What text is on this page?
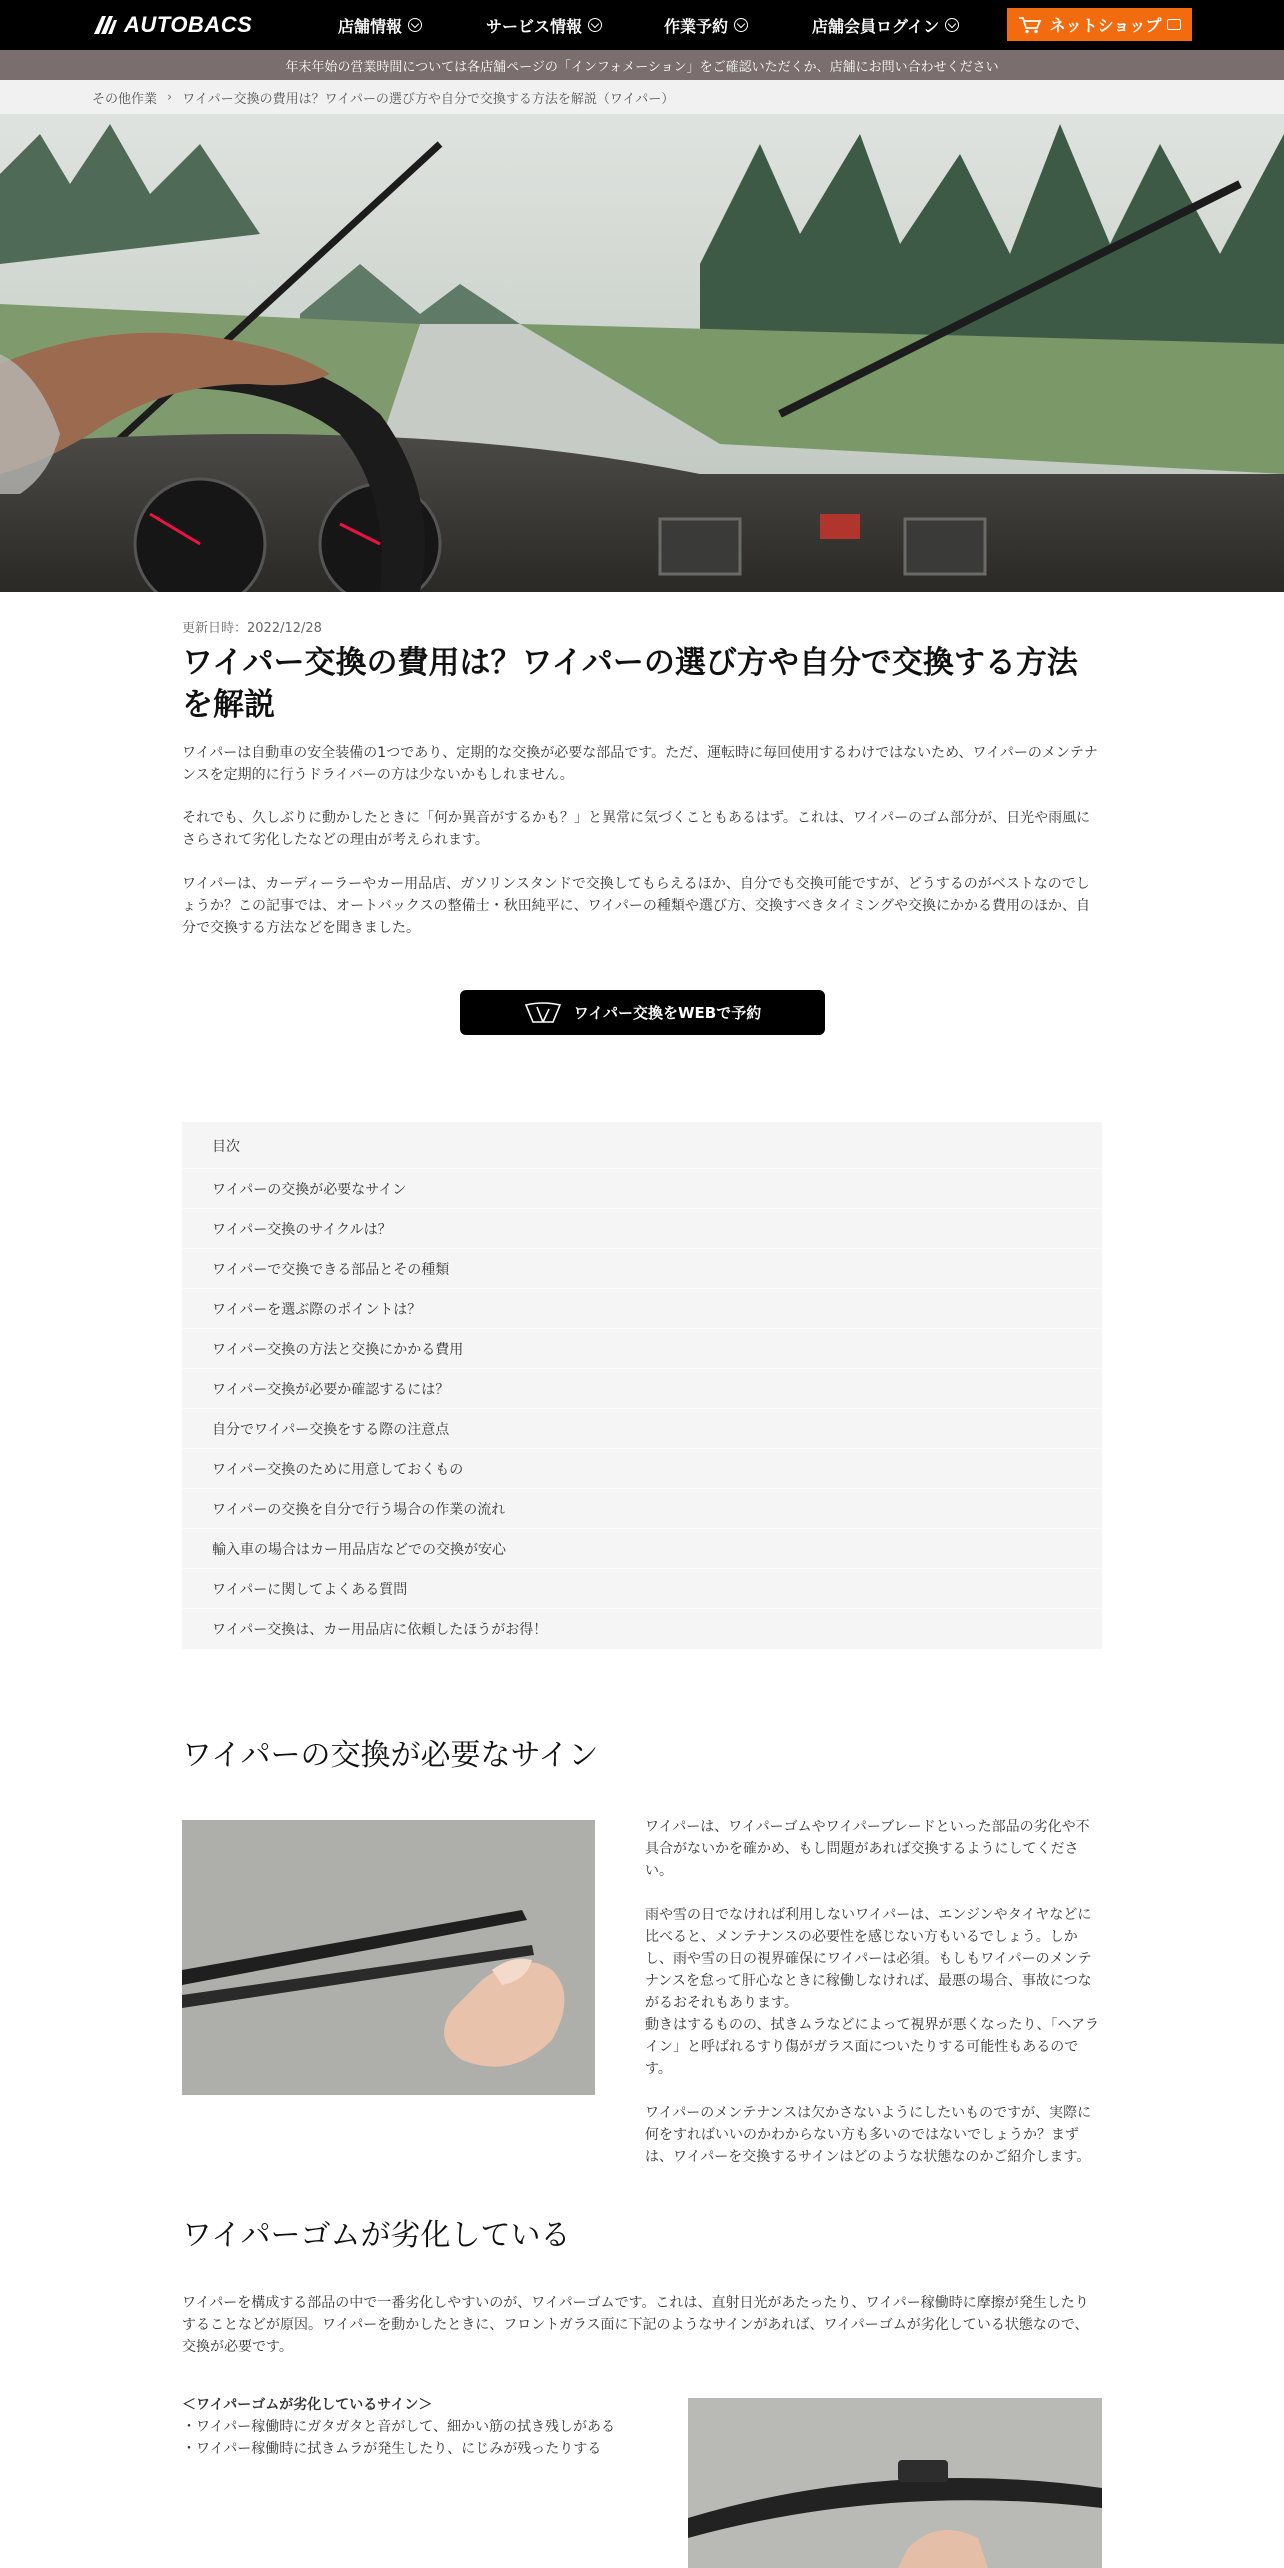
AUTOBACS	店舗情報	サービス情報	作業予約	店舗会員ログイン	ネットショップ
年末年始の営業時間については各店舗ページの「インフォメーション」をご確認いただくか、店舗にお問い合わせください
その他作業 › ワイパー交換の費用は？ワイパーの選び方や自分で交換する方法を解説（ワイパー）
更新日時：2022/12/28
ワイパー交換の費用は？ワイパーの選び方や自分で交換する方法を解説
ワイパーは自動車の安全装備の1つであり、定期的な交換が必要な部品です。ただ、運転時に毎回使用するわけではないため、ワイパーのメンテナンスを定期的に行うドライバーの方は少ないかもしれません。
それでも、久しぶりに動かしたときに「何か異音がするかも？」と異常に気づくこともあるはず。これは、ワイパーのゴム部分が、日光や雨風にさらされて劣化したなどの理由が考えられます。
ワイパーは、カーディーラーやカー用品店、ガソリンスタンドで交換してもらえるほか、自分でも交換可能ですが、どうするのがベストなのでしょうか？この記事では、オートバックスの整備士・秋田純平に、ワイパーの種類や選び方、交換すべきタイミングや交換にかかる費用のほか、自分で交換する方法などを聞きました。
ワイパー交換をWEBで予約
目次
ワイパーの交換が必要なサイン
ワイパー交換のサイクルは？
ワイパーで交換できる部品とその種類
ワイパーを選ぶ際のポイントは？
ワイパー交換の方法と交換にかかる費用
ワイパー交換が必要か確認するには？
自分でワイパー交換をする際の注意点
ワイパー交換のために用意しておくもの
ワイパーの交換を自分で行う場合の作業の流れ
輸入車の場合はカー用品店などでの交換が安心
ワイパーに関してよくある質問
ワイパー交換は、カー用品店に依頼したほうがお得！
ワイパーの交換が必要なサイン
ワイパーは、ワイパーゴムやワイパーブレードといった部品の劣化や不具合がないかを確かめ、もし問題があれば交換するようにしてください。
雨や雪の日でなければ利用しないワイパーは、エンジンやタイヤなどに比べると、メンテナンスの必要性を感じない方もいるでしょう。しかし、雨や雪の日の視界確保にワイパーは必須。もしもワイパーのメンテナンスを怠って肝心なときに稼働しなければ、最悪の場合、事故につながるおそれもあります。
動きはするものの、拭きムラなどによって視界が悪くなったり、「ヘアライン」と呼ばれるすり傷がガラス面についたりする可能性もあるので す。
ワイパーのメンテナンスは欠かさないようにしたいものですが、実際に何をすればいいのかわからない方も多いのではないでしょうか？まずは、ワイパーを交換するサインはどのような状態なのかご紹介します。
ワイパーゴムが劣化している
ワイパーを構成する部品の中で一番劣化しやすいのが、ワイパーゴムです。これは、直射日光があたったり、ワイパー稼働時に摩擦が発生したりすることなどが原因。ワイパーを動かしたときに、フロントガラス面に下記のようなサインがあれば、ワイパーゴムが劣化している状態なので、交換が必要です。
＜ワイパーゴムが劣化しているサイン＞
・ワイパー稼働時にガタガタと音がして、細かい筋の拭き残しがある
・ワイパー稼働時に拭きムラが発生したり、にじみが残ったりする
